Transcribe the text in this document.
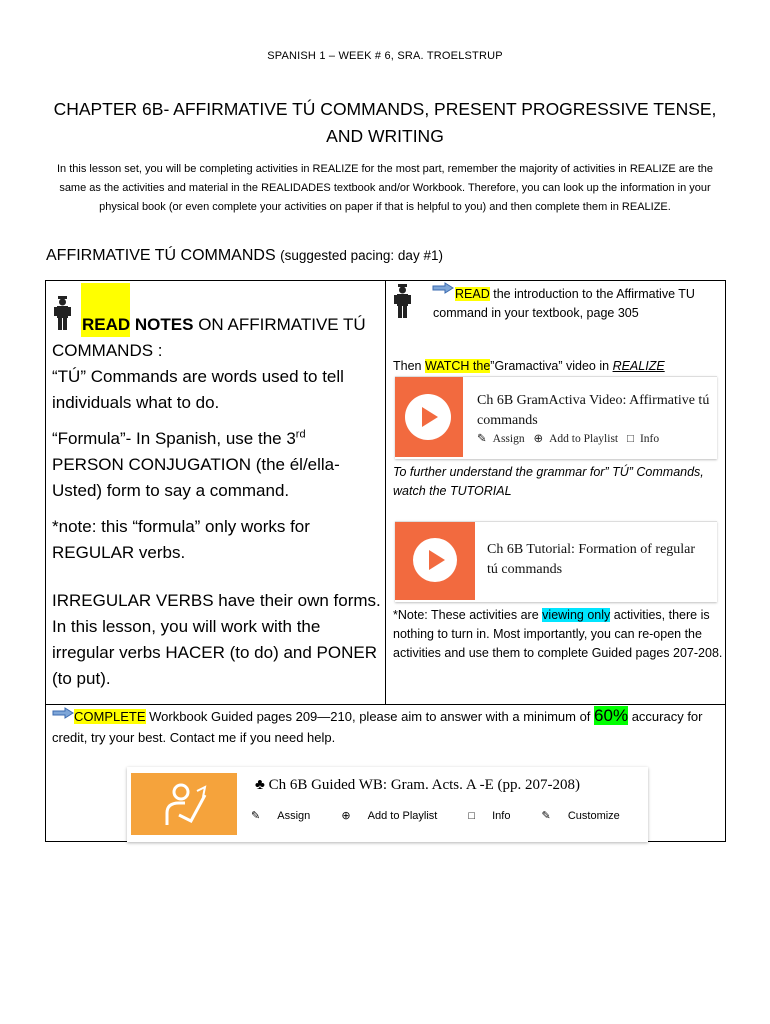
SPANISH 1 – WEEK # 6, SRA. TROELSTRUP
CHAPTER 6B- AFFIRMATIVE TÚ COMMANDS, PRESENT PROGRESSIVE TENSE, AND WRITING
In this lesson set, you will be completing activities in REALIZE for the most part, remember the majority of activities in REALIZE are the same as the activities and material in the REALIDADES textbook and/or Workbook. Therefore, you can look up the information in your physical book (or even complete your activities on paper if that is helpful to you) and then complete them in REALIZE.
AFFIRMATIVE TÚ COMMANDS (suggested pacing: day #1)
READ NOTES ON AFFIRMATIVE TÚ COMMANDS :
“TÚ” Commands are words used to tell individuals what to do.
“Formula”- In Spanish, use the 3rd PERSON CONJUGATION (the él/ella-Usted) form to say a command.
*note: this “formula” only works for REGULAR verbs.
IRREGULAR VERBS have their own forms. In this lesson, you will work with the irregular verbs HACER (to do) and PONER (to put).
READ the introduction to the Affirmative TU command in your textbook, page 305
Then WATCH the”Gramactiva” video in REALIZE
Ch 6B GramActiva Video: Affirmative tú commands
✎ Assign ⊕ Add to Playlist □ Info
To further understand the grammar for” TÚ” Commands, watch the TUTORIAL
Ch 6B Tutorial: Formation of regular tú commands
*Note: These activities are viewing only activities, there is nothing to turn in. Most importantly, you can re-open the activities and use them to complete Guided pages 207-208.
COMPLETE Workbook Guided pages 209—210, please aim to answer with a minimum of 60% accuracy for credit, try your best. Contact me if you need help.
♣ Ch 6B Guided WB: Gram. Acts. A -E (pp. 207-208)
✎ Assign	⊕ Add to Playlist	□ Info	✎ Customize
